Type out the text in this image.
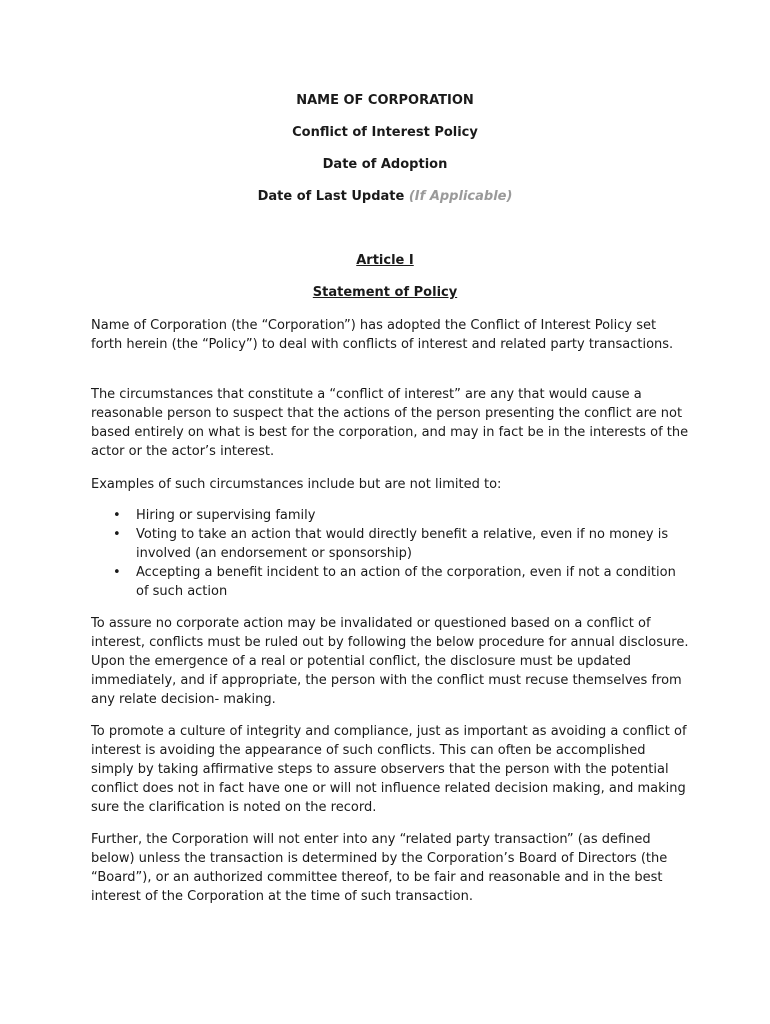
NAME OF CORPORATION

Conflict of Interest Policy

Date of Adoption

Date of Last Update (If Applicable)

Article I

Statement of Policy

Name of Corporation (the “Corporation”) has adopted the Conflict of Interest Policy set forth herein (the “Policy”) to deal with conflicts of interest and related party transactions.

The circumstances that constitute a “conflict of interest” are any that would cause a reasonable person to suspect that the actions of the person presenting the conflict are not based entirely on what is best for the corporation, and may in fact be in the interests of the actor or the actor’s interest.

Examples of such circumstances include but are not limited to:

• Hiring or supervising family
• Voting to take an action that would directly benefit a relative, even if no money is involved (an endorsement or sponsorship)
• Accepting a benefit incident to an action of the corporation, even if not a condition of such action

To assure no corporate action may be invalidated or questioned based on a conflict of interest, conflicts must be ruled out by following the below procedure for annual disclosure. Upon the emergence of a real or potential conflict, the disclosure must be updated immediately, and if appropriate, the person with the conflict must recuse themselves from any relate decision- making.

To promote a culture of integrity and compliance, just as important as avoiding a conflict of interest is avoiding the appearance of such conflicts. This can often be accomplished simply by taking affirmative steps to assure observers that the person with the potential conflict does not in fact have one or will not influence related decision making, and making sure the clarification is noted on the record.

Further, the Corporation will not enter into any “related party transaction” (as defined below) unless the transaction is determined by the Corporation’s Board of Directors (the “Board”), or an authorized committee thereof, to be fair and reasonable and in the best interest of the Corporation at the time of such transaction.
